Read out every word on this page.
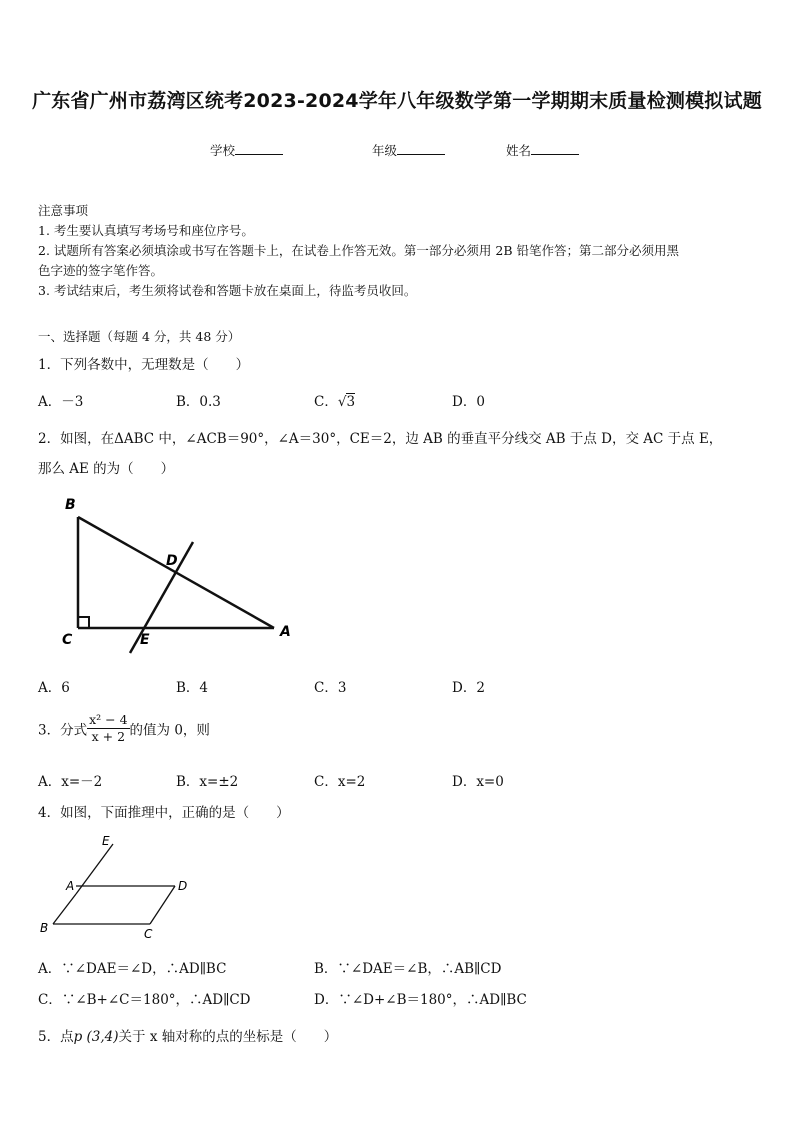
广东省广州市荔湾区统考2023-2024学年八年级数学第一学期期末质量检测模拟试题
学校	年级	姓名
注意事项
1. 考生要认真填写考场号和座位序号。
2. 试题所有答案必须填涂或书写在答题卡上，在试卷上作答无效。第一部分必须用 2B 铅笔作答；第二部分必须用黑
色字迹的签字笔作答。
3. 考试结束后，考生须将试卷和答题卡放在桌面上，待监考员收回。
一、选择题（每题 4 分，共 48 分）
1．下列各数中，无理数是（　　）
A．－3	B．0.3	C．√3	D．0
2．如图，在ΔABC 中，∠ACB＝90°，∠A＝30°，CE＝2，边 AB 的垂直平分线交 AB 于点 D，交 AC 于点 E，
那么 AE 的为（　　）
B
C
D
E	A
A．6	B．4	C．3	D．2
3．分式 $\frac{\text{x² − 4}}{x + 2}$ 的值为 0，则
A．x=－2	B．x=±2	C．x=2	D．x=0
4．如图，下面推理中，正确的是（　　）
E
A	D
B	C
A．∵∠DAE＝∠D，∴AD∥BC	B．∵∠DAE＝∠B，∴AB∥CD
C．∵∠B+∠C＝180°，∴AD∥CD	D．∵∠D+∠B＝180°，∴AD∥BC
5．点p (3,4)关于 x 轴对称的点的坐标是（　　）
